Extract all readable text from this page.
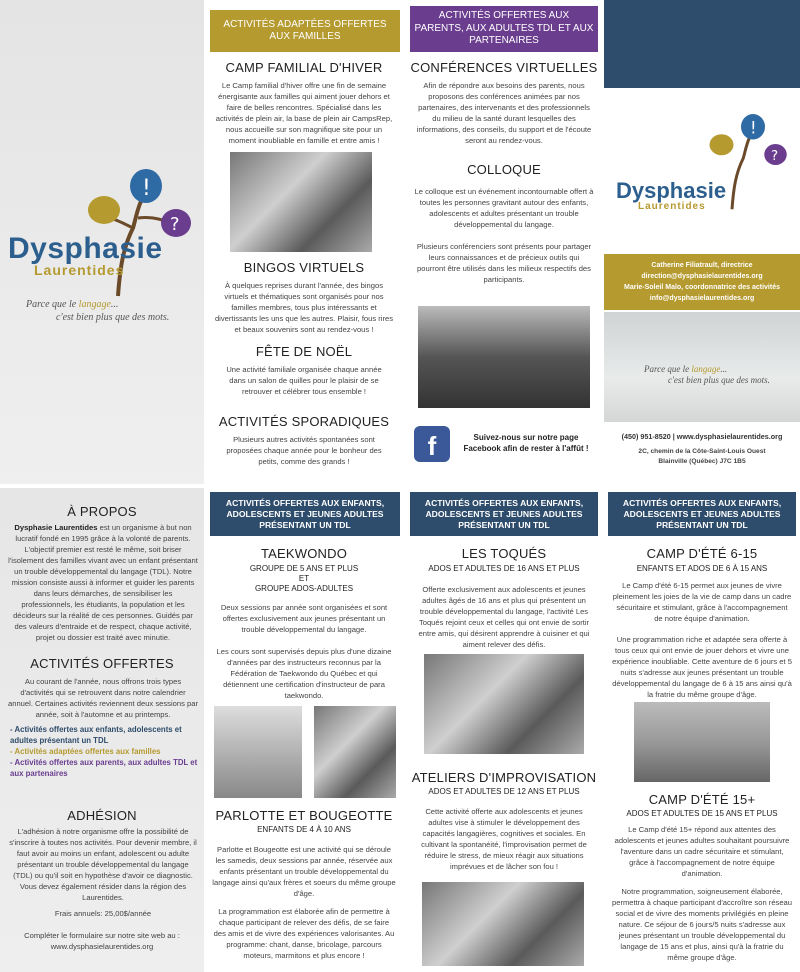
!
?
Dysphasie
Laurentides
Parce que le langage...
c'est bien plus que des mots.
ACTIVITÉS ADAPTÉES OFFERTES AUX FAMILLES
CAMP FAMILIAL D'HIVER
Le Camp familial d'hiver offre une fin de semaine énergisante aux familles qui aiment jouer dehors et faire de belles rencontres. Spécialisé dans les activités de plein air, la base de plein air CampsRep, nous accueille sur son magnifique site pour un moment inoubliable en famille et entre amis !
BINGOS VIRTUELS
À quelques reprises durant l'année, des bingos virtuels et thématiques sont organisés pour nos familles membres, tous plus intéressants et divertissants les uns que les autres. Plaisir, fous rires et beaux souvenirs sont au rendez-vous !
FÊTE DE NOËL
Une activité familiale organisée chaque année dans un salon de quilles pour le plaisir de se retrouver et célébrer tous ensemble !
ACTIVITÉS SPORADIQUES
Plusieurs autres activités spontanées sont proposées chaque année pour le bonheur des petits, comme des grands !
ACTIVITÉS OFFERTES AUX PARENTS, AUX ADULTES TDL ET AUX PARTENAIRES
CONFÉRENCES VIRTUELLES
Afin de répondre aux besoins des parents, nous proposons des conférences animées par nos partenaires, des intervenants et des professionnels du milieu de la santé durant lesquelles des informations, des conseils, du support et de l'écoute seront au rendez-vous.
COLLOQUE
Le colloque est un événement incontournable offert à toutes les personnes gravitant autour des enfants, adolescents et adultes présentant un trouble développemental du langage.
Plusieurs conférenciers sont présents pour partager leurs connaissances et de précieux outils qui pourront être utilisés dans les milieux respectifs des participants.
f	Suivez-nous sur notre page Facebook afin de rester à l'affût !
!
?
Dysphasie
Laurentides
Catherine Filiatrault, directrice
direction@dysphasielaurentides.org
Marie-Soleil Malo, coordonnatrice des activités
info@dysphasielaurentides.org
Parce que le langage...
c'est bien plus que des mots.
(450) 951-8520 | www.dysphasielaurentides.org
2C, chemin de la Côte-Saint-Louis Ouest
Blainville (Québec) J7C 1B5
À PROPOS
Dysphasie Laurentides est un organisme à but non lucratif fondé en 1995 grâce à la volonté de parents. L'objectif premier est resté le même, soit briser l'isolement des familles vivant avec un enfant présentant un trouble développemental du langage (TDL). Notre mission consiste aussi à informer et guider les parents dans leurs démarches, de sensibiliser les professionnels, les étudiants, la population et les décideurs sur la réalité de ces personnes. Guidés par des valeurs d'entraide et de respect, chaque activité, projet ou dossier est traité avec minutie.
ACTIVITÉS OFFERTES
Au courant de l'année, nous offrons trois types d'activités qui se retrouvent dans notre calendrier annuel. Certaines activités reviennent deux sessions par année, soit à l'automne et au printemps.
- Activités offertes aux enfants, adolescents et adultes présentant un TDL
- Activités adaptées offertes aux familles
- Activités offertes aux parents, aux adultes TDL et aux partenaires
ADHÉSION
L'adhésion à notre organisme offre la possibilité de s'inscrire à toutes nos activités. Pour devenir membre, il faut avoir au moins un enfant, adolescent ou adulte présentant un trouble développemental du langage (TDL) ou qu'il soit en hypothèse d'avoir ce diagnostic. Vous devez également résider dans la région des Laurentides.
Frais annuels: 25,00$/année
Compléter le formulaire sur notre site web au : www.dysphasielaurentides.org
ACTIVITÉS OFFERTES AUX ENFANTS, ADOLESCENTS ET JEUNES ADULTES PRÉSENTANT UN TDL
TAEKWONDO
GROUPE DE 5 ANS ET PLUS
ET
GROUPE ADOS-ADULTES
Deux sessions par année sont organisées et sont offertes exclusivement aux jeunes présentant un trouble développemental du langage.
Les cours sont supervisés depuis plus d'une dizaine d'années par des instructeurs reconnus par la Fédération de Taekwondo du Québec et qui détiennent une certification d'instructeur de para taekwondo.
PARLOTTE ET BOUGEOTTE
ENFANTS DE 4 À 10 ANS
Parlotte et Bougeotte est une activité qui se déroule les samedis, deux sessions par année, réservée aux enfants présentant un trouble développemental du langage ainsi qu'aux frères et soeurs du même groupe d'âge.
La programmation est élaborée afin de permettre à chaque participant de relever des défis, de se faire des amis et de vivre des expériences valorisantes. Au programme: chant, danse, bricolage, parcours moteurs, marmitons et plus encore !
ACTIVITÉS OFFERTES AUX ENFANTS, ADOLESCENTS ET JEUNES ADULTES PRÉSENTANT UN TDL
LES TOQUÉS
ADOS ET ADULTES DE 16 ANS ET PLUS
Offerte exclusivement aux adolescents et jeunes adultes âgés de 16 ans et plus qui présentent un trouble développemental du langage, l'activité Les Toqués rejoint ceux et celles qui ont envie de sortir entre amis, qui désirent apprendre à cuisiner et qui aiment relever des défis.
ATELIERS D'IMPROVISATION
ADOS ET ADULTES DE 12 ANS ET PLUS
Cette activité offerte aux adolescents et jeunes adultes vise à stimuler le développement des capacités langagières, cognitives et sociales. En cultivant la spontanéité, l'improvisation permet de réduire le stress, de mieux réagir aux situations imprévues et de lâcher son fou !
ACTIVITÉS OFFERTES AUX ENFANTS, ADOLESCENTS ET JEUNES ADULTES PRÉSENTANT UN TDL
CAMP D'ÉTÉ 6-15
ENFANTS ET ADOS DE 6 À 15 ANS
Le Camp d'été 6-15 permet aux jeunes de vivre pleinement les joies de la vie de camp dans un cadre sécuritaire et stimulant, grâce à l'accompagnement de notre équipe d'animation.
Une programmation riche et adaptée sera offerte à tous ceux qui ont envie de jouer dehors et vivre une expérience inoubliable. Cette aventure de 6 jours et 5 nuits s'adresse aux jeunes présentant un trouble développemental du langage de 6 à 15 ans ainsi qu'à la fratrie du même groupe d'âge.
CAMP D'ÉTÉ 15+
ADOS ET ADULTES DE 15 ANS ET PLUS
Le Camp d'été 15+ répond aux attentes des adolescents et jeunes adultes souhaitant poursuivre l'aventure dans un cadre sécuritaire et stimulant, grâce à l'accompagnement de notre équipe d'animation.
Notre programmation, soigneusement élaborée, permettra à chaque participant d'accroître son réseau social et de vivre des moments privilégiés en pleine nature. Ce séjour de 6 jours/5 nuits s'adresse aux jeunes présentant un trouble développemental du langage de 15 ans et plus, ainsi qu'à la fratrie du même groupe d'âge.
